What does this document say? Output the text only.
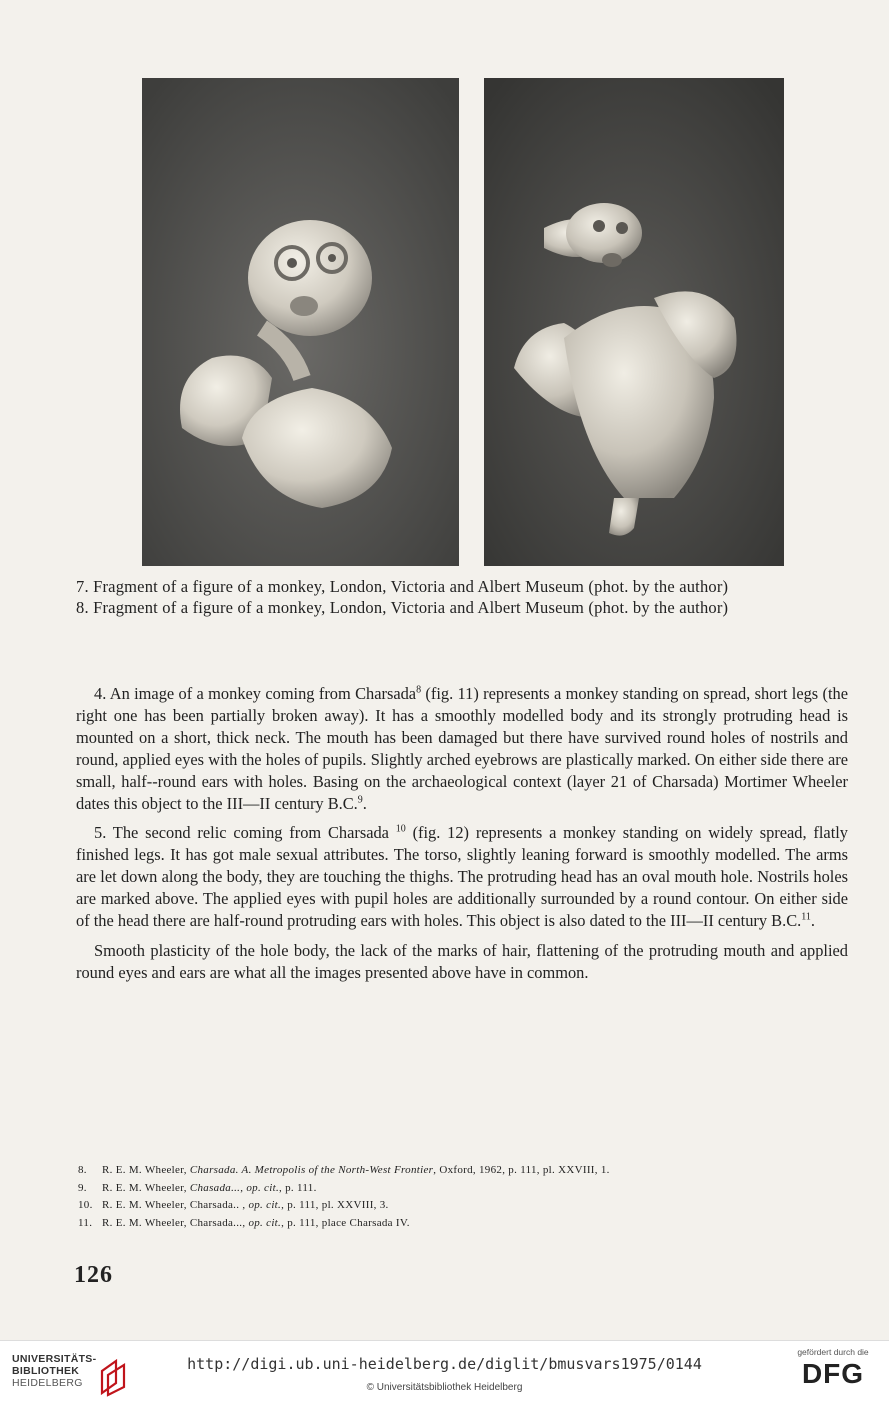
7. Fragment of a figure of a monkey, London, Victoria and Albert Museum (phot. by the author)
8. Fragment of a figure of a monkey, London, Victoria and Albert Museum (phot. by the author)

4. An image of a monkey coming from Charsada$^8$ (fig. 11) represents a monkey standing on spread, short legs (the right one has been partially broken away). It has a smoothly modelled body and its strongly protruding head is mounted on a short, thick neck. The mouth has been damaged but there have survived round holes of nostrils and round, applied eyes with the holes of pupils. Slightly arched eyebrows are plastically marked. On either side there are small, half--round ears with holes. Basing on the archaeological context (layer 21 of Charsada) Mortimer Wheeler dates this object to the III—II century B.C.$^9$.

5. The second relic coming from Charsada $^{10}$ (fig. 12) represents a monkey standing on widely spread, flatly finished legs. It has got male sexual attributes. The torso, slightly leaning forward is smoothly modelled. The arms are let down along the body, they are touching the thighs. The protruding head has an oval mouth hole. Nostrils holes are marked above. The applied eyes with pupil holes are additionally surrounded by a round contour. On either side of the head there are half-round protruding ears with holes. This object is also dated to the III—II century B.C.$^{11}$.

Smooth plasticity of the hole body, the lack of the marks of hair, flattening of the protruding mouth and applied round eyes and ears are what all the images presented above have in common.

8. R. E. M. Wheeler, Charsada. A. Metropolis of the North-West Frontier, Oxford, 1962, p. 111, pl. XXVIII, 1.
9. R. E. M. Wheeler, Chasada..., op. cit., p. 111.
10. R. E. M. Wheeler, Charsada.. , op. cit., p. 111, pl. XXVIII, 3.
11. R. E. M. Wheeler, Charsada..., op. cit., p. 111, place Charsada IV.
126
UNIVERSITÄTS-
BIBLIOTHEK
HEIDELBERG
http://digi.ub.uni-heidelberg.de/diglit/bmusvars1975/0144
© Universitätsbibliothek Heidelberg
gefördert durch die
DFG
